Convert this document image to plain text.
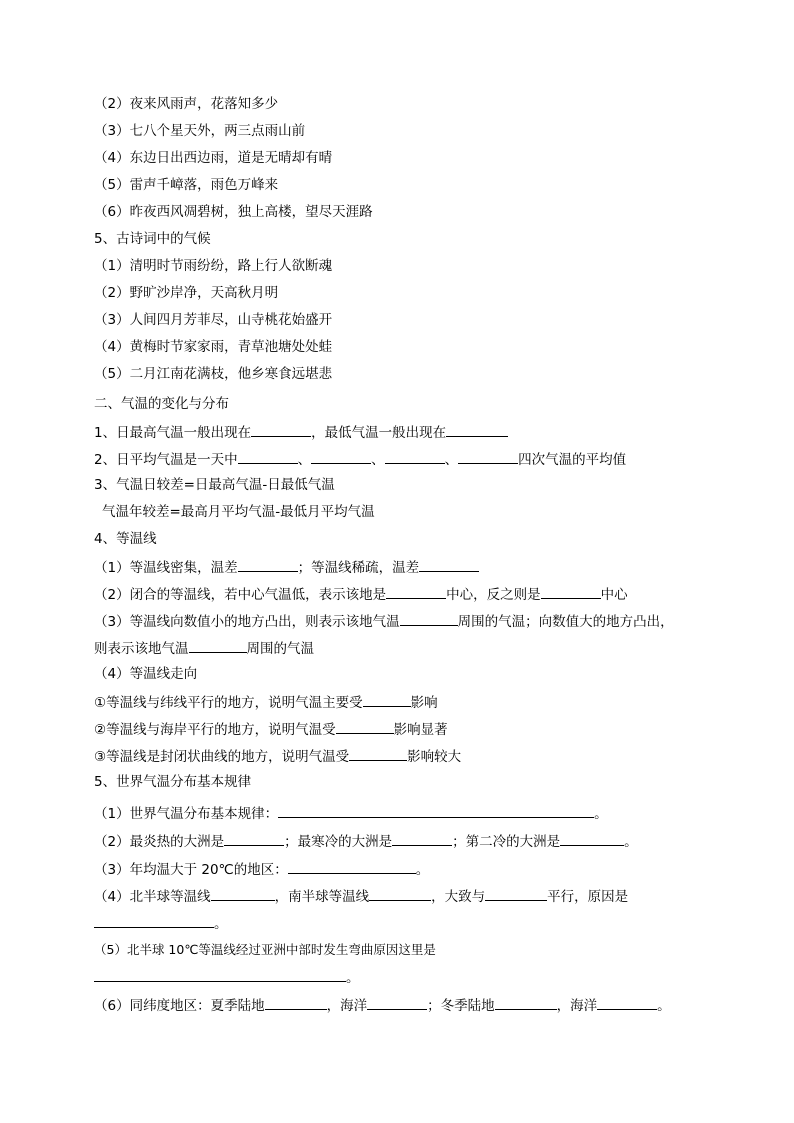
（2）夜来风雨声，花落知多少
（3）七八个星天外，两三点雨山前
（4）东边日出西边雨，道是无晴却有晴
（5）雷声千嶂落，雨色万峰来
（6）昨夜西风凋碧树，独上高楼，望尽天涯路
5、古诗词中的气候
（1）清明时节雨纷纷，路上行人欲断魂
（2）野旷沙岸净，天高秋月明
（3）人间四月芳菲尽，山寺桃花始盛开
（4）黄梅时节家家雨，青草池塘处处蛙
（5）二月江南花满枝，他乡寒食远堪悲
二、气温的变化与分布
1、日最高气温一般出现在	，最低气温一般出现在
2、日平均气温是一天中	、	、	、	四次气温的平均值
3、气温日较差=日最高气温-日最低气温
气温年较差=最高月平均气温-最低月平均气温
4、等温线
（1）等温线密集，温差	；等温线稀疏，温差
（2）闭合的等温线，若中心气温低，表示该地是	中心，反之则是	中心
（3）等温线向数值小的地方凸出，则表示该地气温	周围的气温；向数值大的地方凸出，
则表示该地气温	周围的气温
（4）等温线走向
①等温线与纬线平行的地方，说明气温主要受	影响
②等温线与海岸平行的地方，说明气温受	影响显著
③等温线是封闭状曲线的地方，说明气温受	影响较大
5、世界气温分布基本规律
（1）世界气温分布基本规律：	。
（2）最炎热的大洲是	；最寒冷的大洲是	；第二冷的大洲是	。
（3）年均温大于 20℃的地区：	。
（4）北半球等温线	，南半球等温线	，大致与	平行，原因是
。
（5）北半球 10℃等温线经过亚洲中部时发生弯曲原因这里是
。
（6）同纬度地区：夏季陆地	，海洋	；冬季陆地	，海洋	。
